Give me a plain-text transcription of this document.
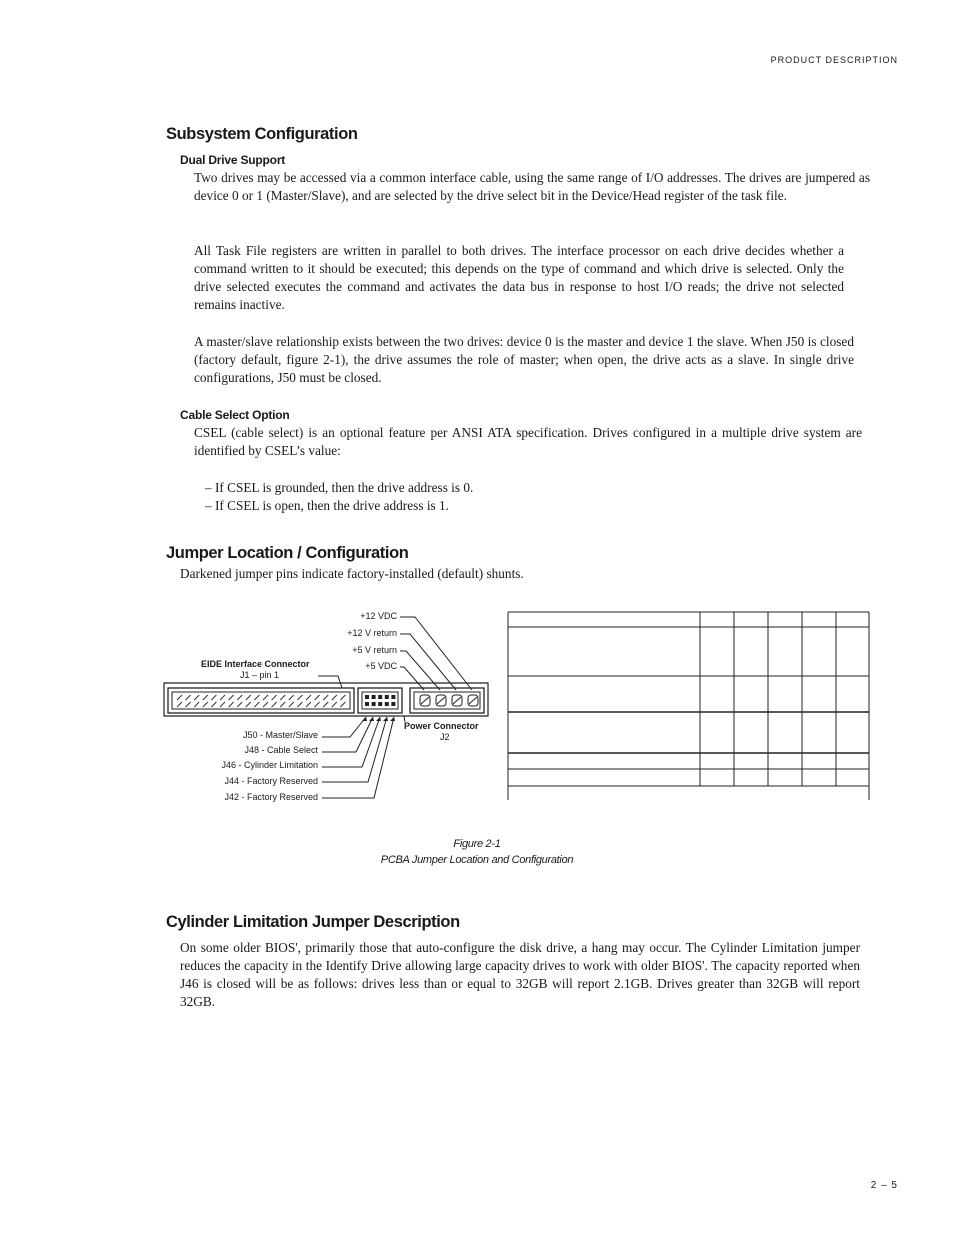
PRODUCT DESCRIPTION
Subsystem Configuration
Dual Drive Support

Two drives may be accessed via a common interface cable, using the same range of I/O addresses. The drives are jumpered as device 0 or 1 (Master/Slave), and are selected by the drive select bit in the Device/Head register of the task file.

All Task File registers are written in parallel to both drives. The interface processor on each drive decides whether a command written to it should be executed; this depends on the type of command and which drive is selected. Only the drive selected executes the command and activates the data bus in response to host I/O reads; the drive not selected remains inactive.

A master/slave relationship exists between the two drives: device 0 is the master and device 1 the slave. When J50 is closed (factory default, figure 2-1), the drive assumes the role of master; when open, the drive acts as a slave. In single drive configurations, J50 must be closed.

Cable Select Option

CSEL (cable select) is an optional feature per ANSI ATA specification. Drives configured in a multiple drive system are identified by CSEL’s value:

– If CSEL is grounded, then the drive address is 0.
– If CSEL is open, then the drive address is 1.
Jumper Location / Configuration

Darkened jumper pins indicate factory-installed (default) shunts.

+12 VDC
+12 V return
+5 V return
+5 VDC
EIDE Interface Connector
J1 – pin 1
Power Connector
J2
J50 - Master/Slave
J48 - Cable Select
J46 - Cylinder Limitation
J44 - Factory Reserved
J42 - Factory Reserved
Figure 2-1
PCBA Jumper Location and Configuration
Cylinder Limitation Jumper Description

On some older BIOS', primarily those that auto-configure the disk drive, a hang may occur. The Cylinder Limitation jumper reduces the capacity in the Identify Drive allowing large capacity drives to work with older BIOS'. The capacity reported when J46 is closed will be as follows: drives less than or equal to 32GB will report 2.1GB. Drives greater than 32GB will report 32GB.

2 – 5
